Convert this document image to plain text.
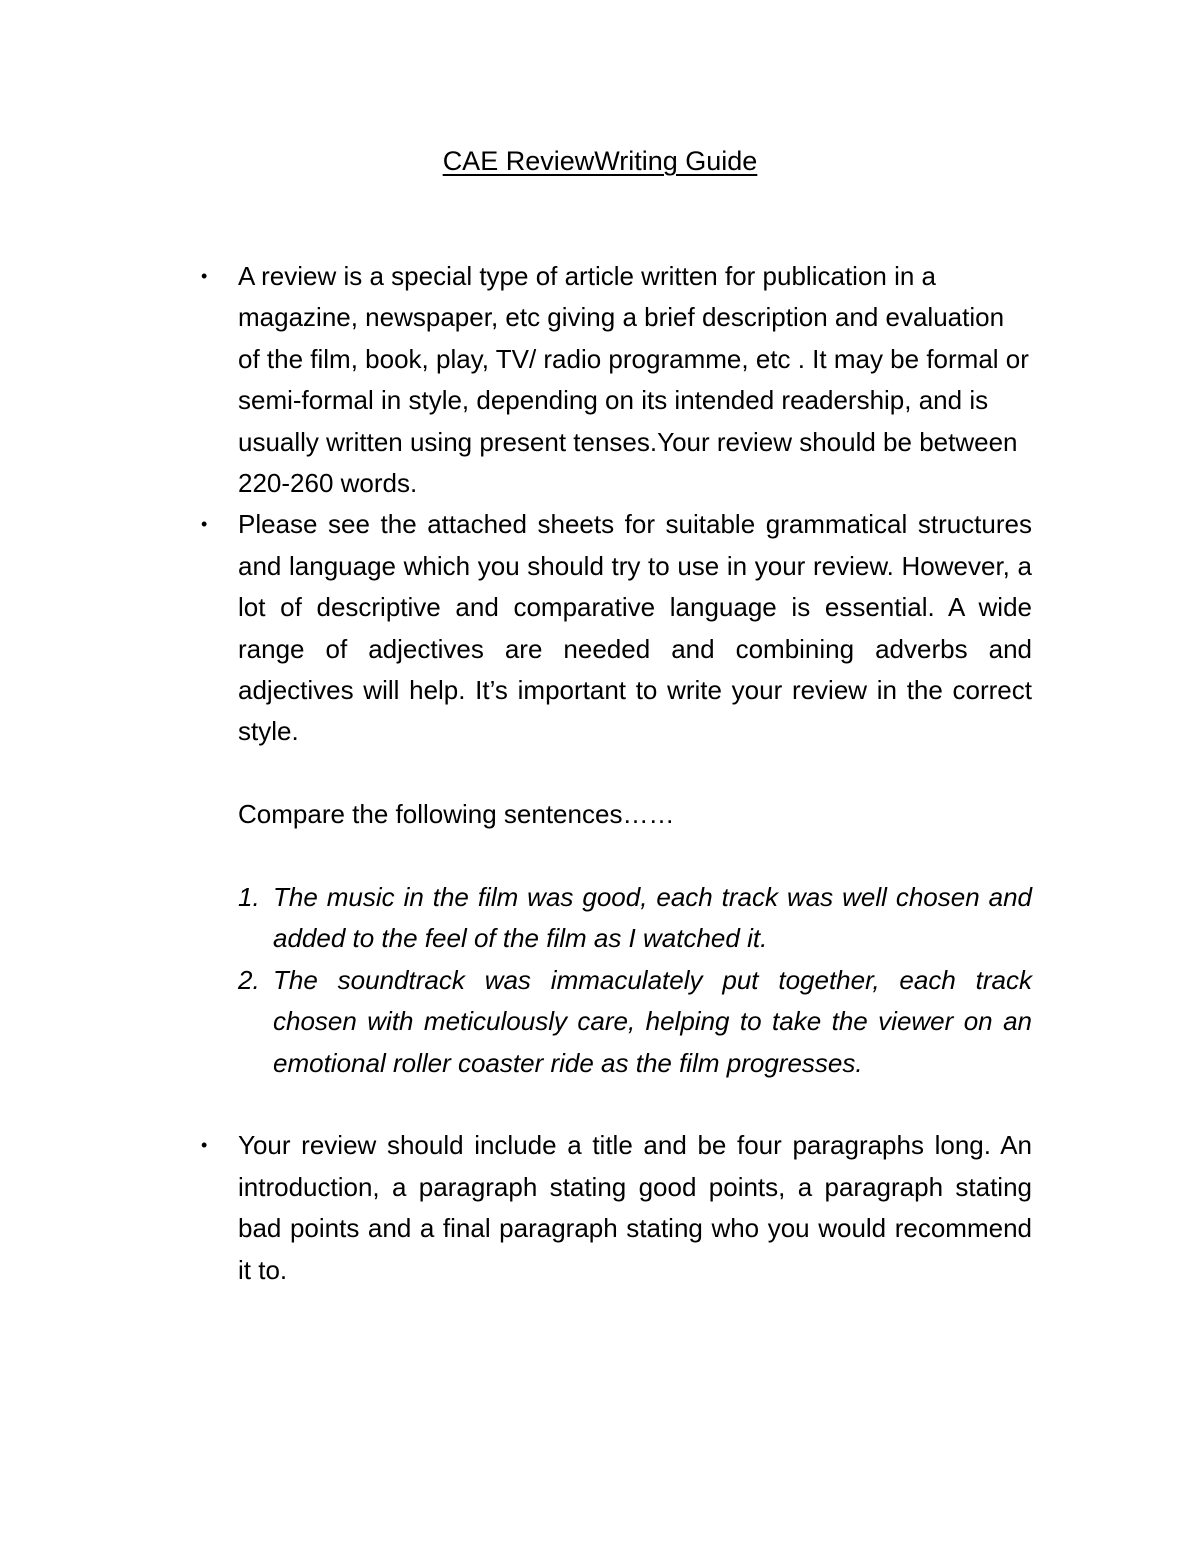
CAE ReviewWriting Guide
• A review is a special type of article written for publication in a magazine, newspaper, etc giving a brief description and evaluation of the film, book, play, TV/ radio programme, etc . It may be formal or semi-formal in style, depending on its intended readership, and is usually written using present tenses.Your review should be between 220-260 words.

• Please see the attached sheets for suitable grammatical structures and language which you should try to use in your review. However, a lot of descriptive and comparative language is essential. A wide range of adjectives are needed and combining adverbs and adjectives will help. It’s important to write your review in the correct style.

Compare the following sentences……

1. The music in the film was good, each track was well chosen and added to the feel of the film as I watched it.
2. The soundtrack was immaculately put together, each track chosen with meticulously care, helping to take the viewer on an emotional roller coaster ride as the film progresses.
• Your review should include a title and be four paragraphs long. An introduction, a paragraph stating good points, a paragraph stating bad points and a final paragraph stating who you would recommend it to.
